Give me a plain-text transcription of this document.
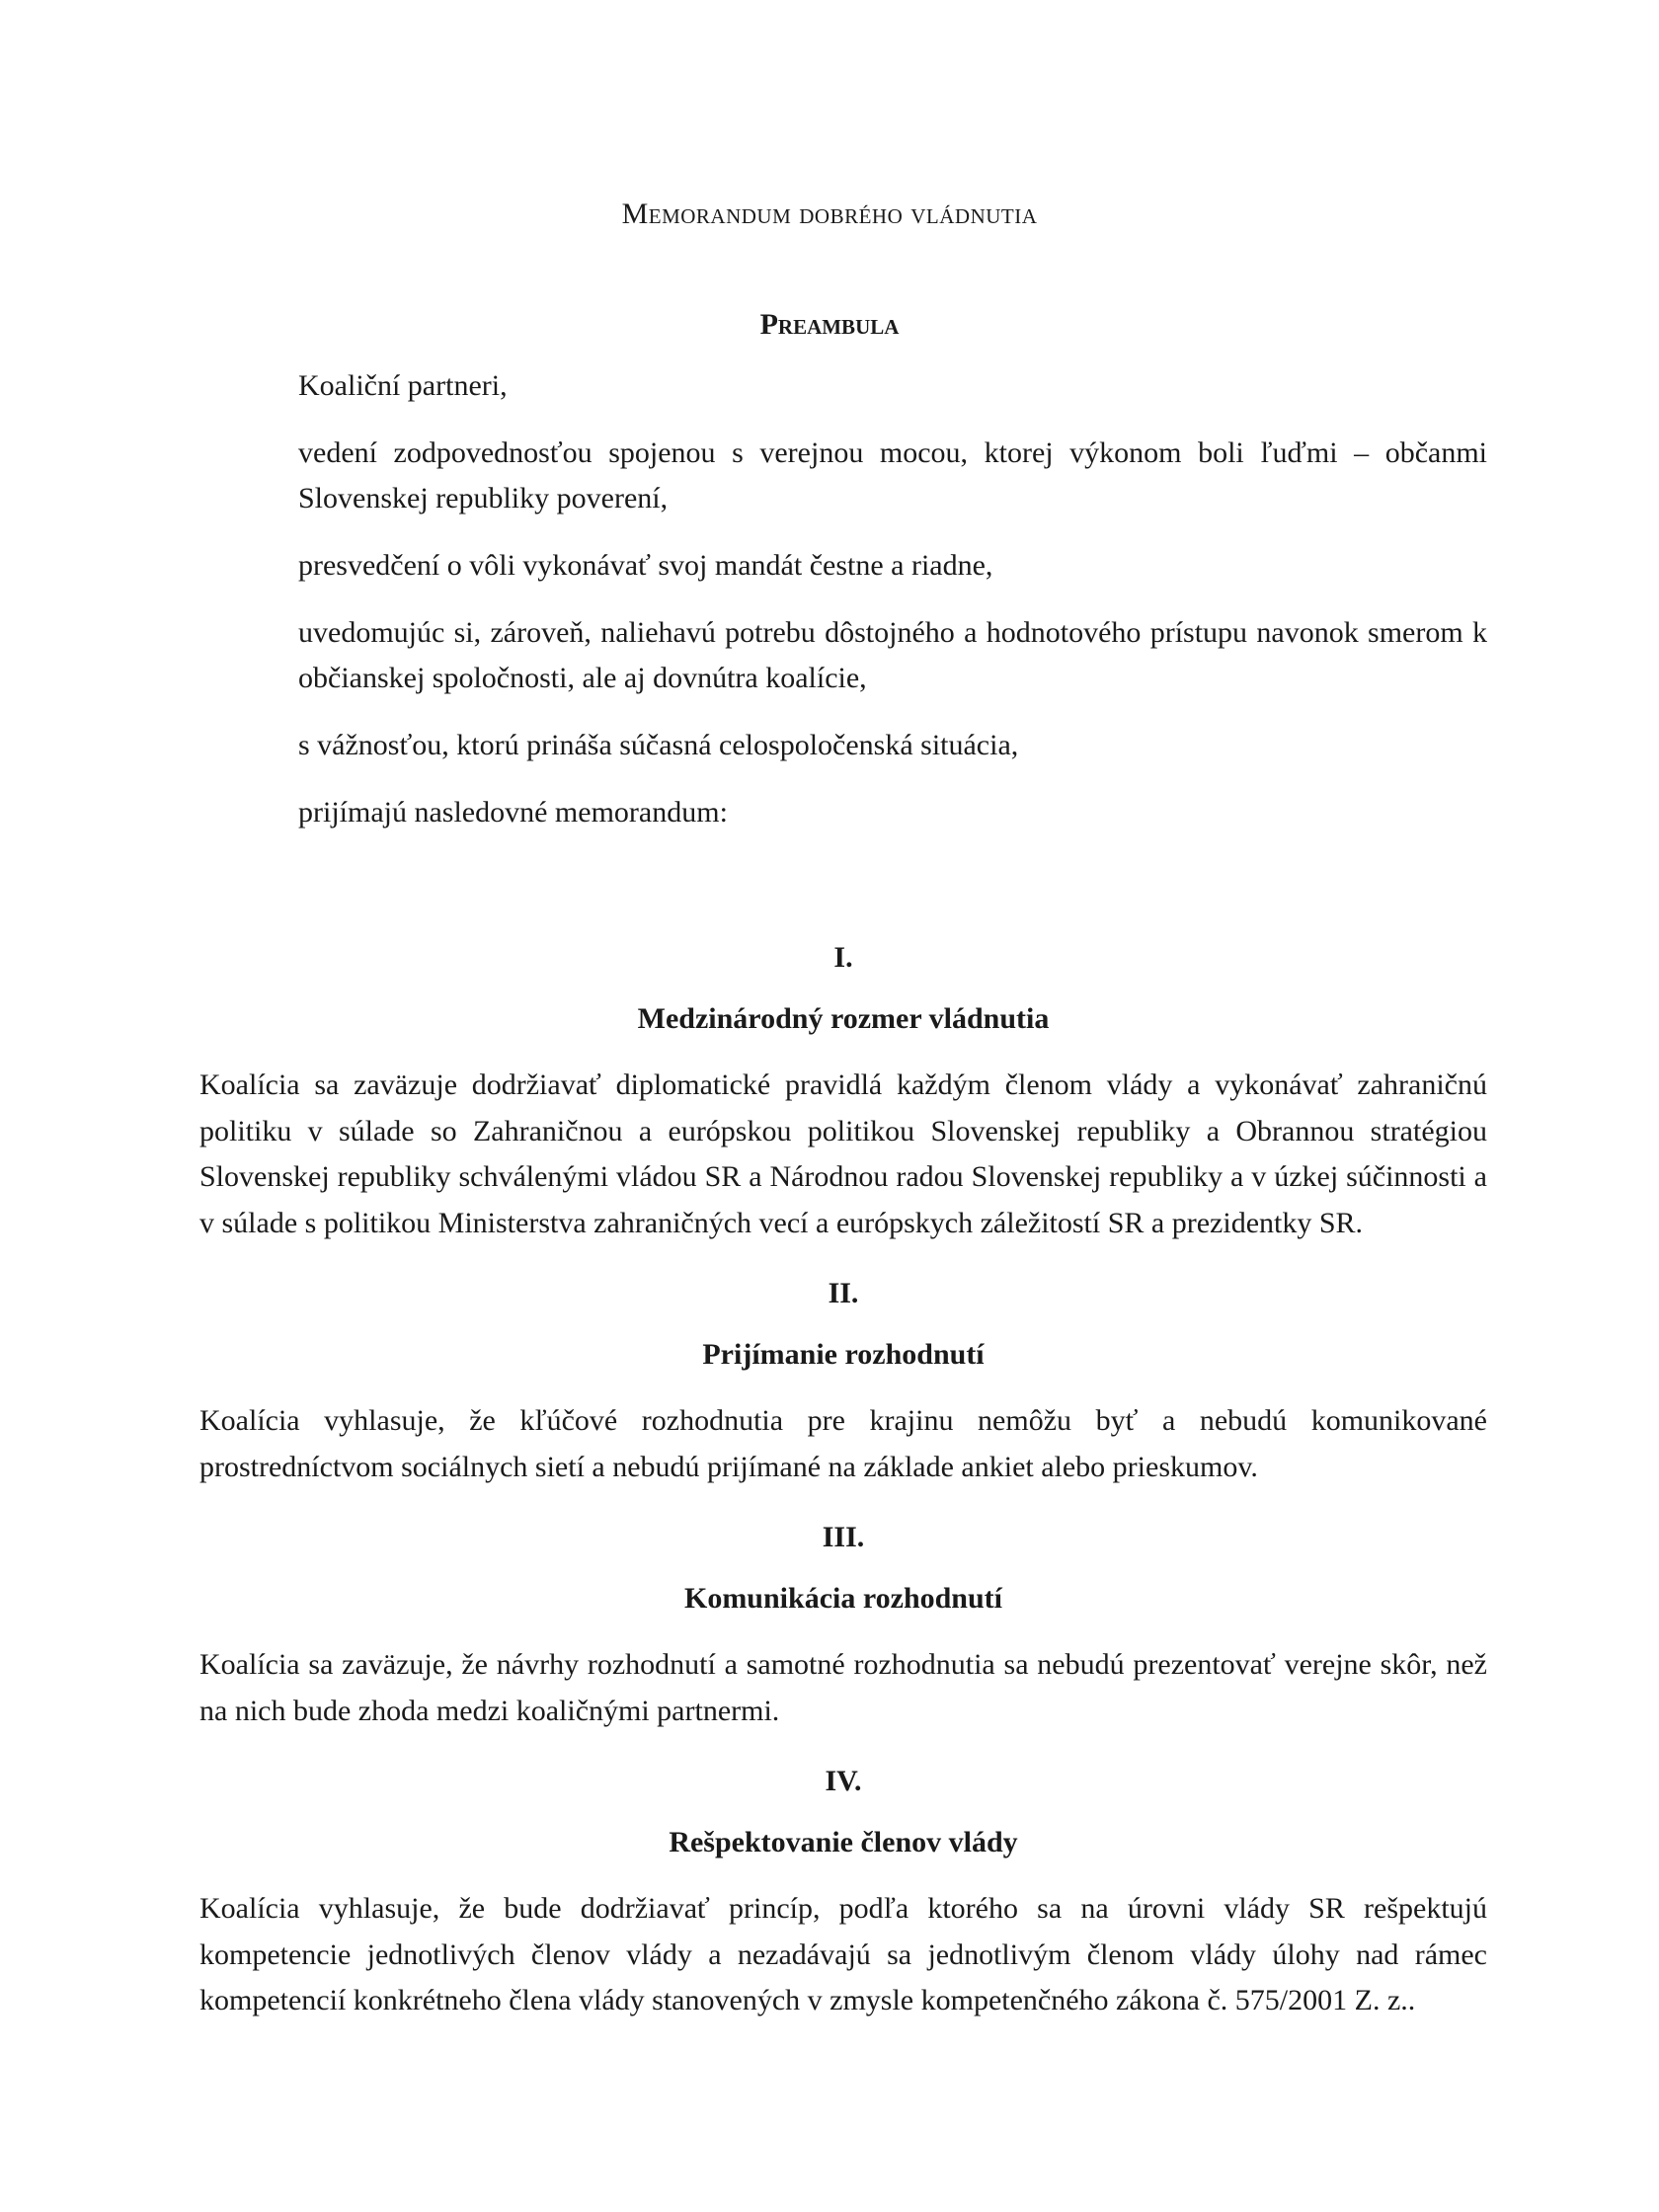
Memorandum dobrého vládnutia
Preambula

Koaliční partneri,

vedení zodpovednosťou spojenou s verejnou mocou, ktorej výkonom boli ľuďmi – občanmi Slovenskej republiky poverení,

presvedčení o vôli vykonávať svoj mandát čestne a riadne,

uvedomujúc si, zároveň, naliehavú potrebu dôstojného a hodnotového prístupu navonok smerom k občianskej spoločnosti, ale aj dovnútra koalície,

s vážnosťou, ktorú prináša súčasná celospoločenská situácia,

prijímajú nasledovné memorandum:

I.
Medzinárodný rozmer vládnutia

Koalícia sa zaväzuje dodržiavať diplomatické pravidlá každým členom vlády a vykonávať zahraničnú politiku v súlade so Zahraničnou a európskou politikou Slovenskej republiky a Obrannou stratégiou Slovenskej republiky schválenými vládou SR a Národnou radou Slovenskej republiky a v úzkej súčinnosti a v súlade s politikou Ministerstva zahraničných vecí a európskych záležitostí SR a prezidentky SR.

II.
Prijímanie rozhodnutí

Koalícia vyhlasuje, že kľúčové rozhodnutia pre krajinu nemôžu byť a nebudú komunikované prostredníctvom sociálnych sietí a nebudú prijímané na základe ankiet alebo prieskumov.

III.
Komunikácia rozhodnutí

Koalícia sa zaväzuje, že návrhy rozhodnutí a samotné rozhodnutia sa nebudú prezentovať verejne skôr, než na nich bude zhoda medzi koaličnými partnermi.

IV.
Rešpektovanie členov vlády

Koalícia vyhlasuje, že bude dodržiavať princíp, podľa ktorého sa na úrovni vlády SR rešpektujú kompetencie jednotlivých členov vlády a nezadávajú sa jednotlivým členom vlády úlohy nad rámec kompetencií konkrétneho člena vlády stanovených v zmysle kompetenčného zákona č. 575/2001 Z. z..
